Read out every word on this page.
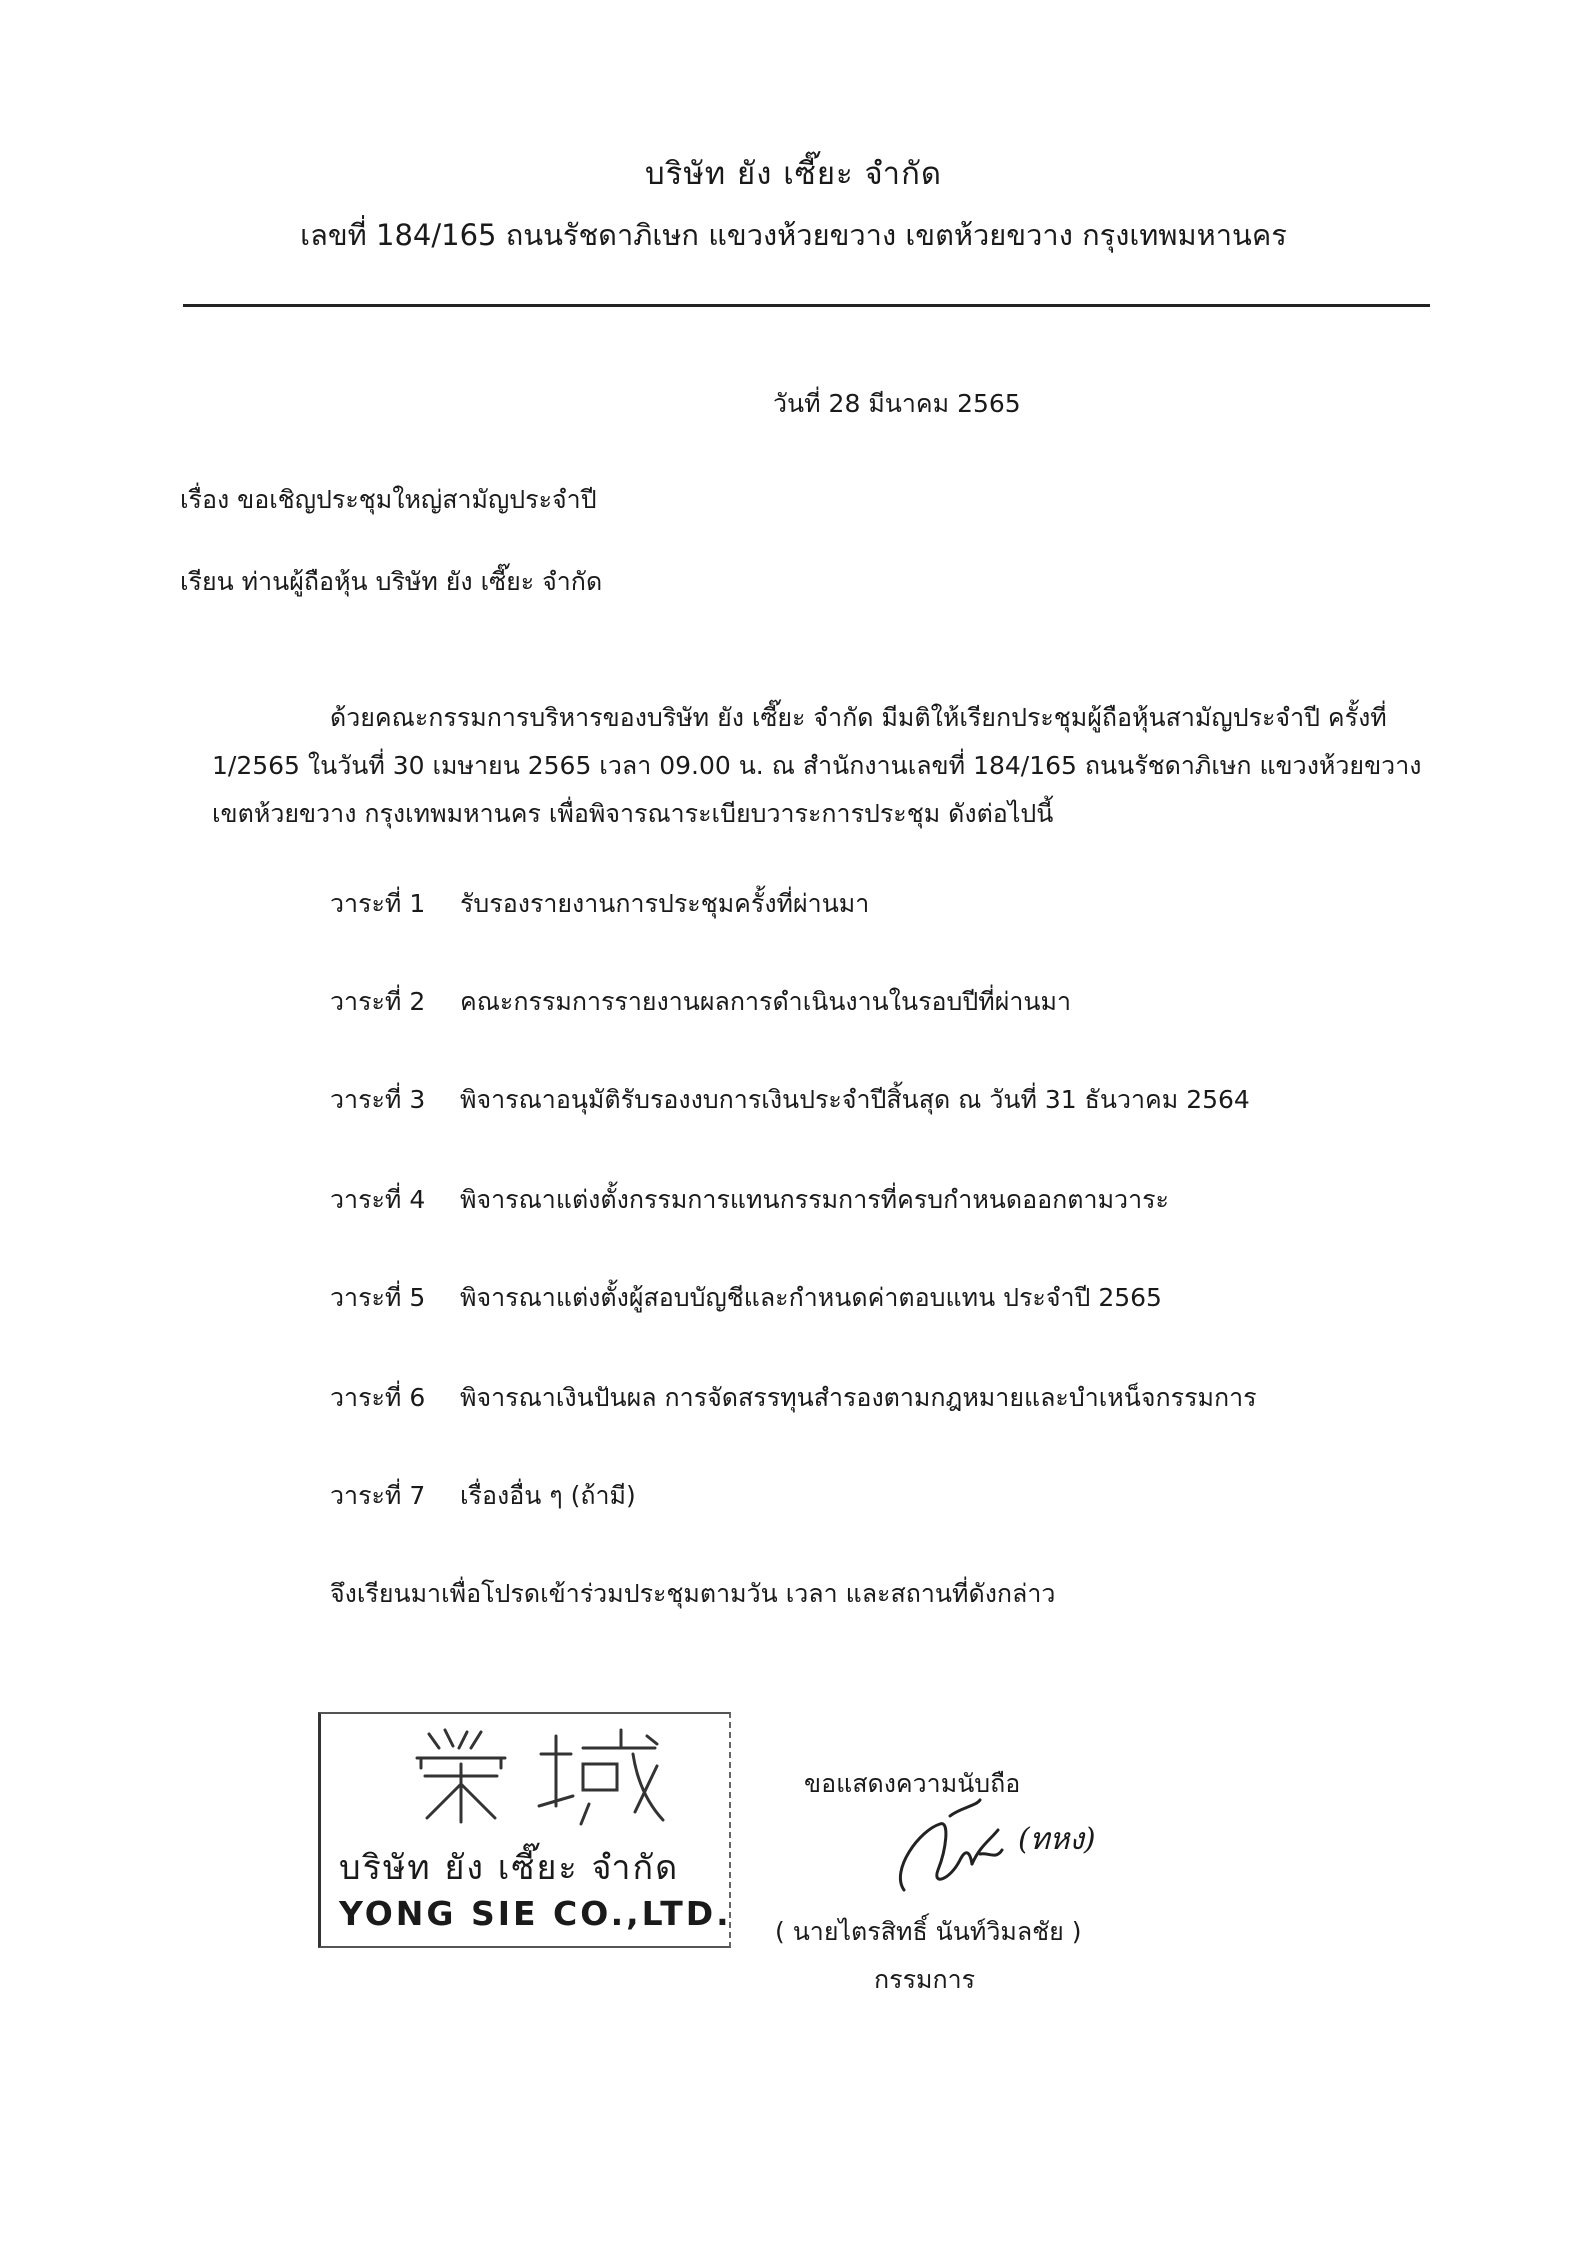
บริษัท ยัง เซี๊ยะ จำกัด
เลขที่ 184/165 ถนนรัชดาภิเษก แขวงห้วยขวาง เขตห้วยขวาง กรุงเทพมหานคร
วันที่ 28 มีนาคม 2565
เรื่อง ขอเชิญประชุมใหญ่สามัญประจำปี
เรียน ท่านผู้ถือหุ้น บริษัท ยัง เซี๊ยะ จำกัด
ด้วยคณะกรรมการบริหารของบริษัท ยัง เซี๊ยะ จำกัด มีมติให้เรียกประชุมผู้ถือหุ้นสามัญประจำปี ครั้งที่
1/2565 ในวันที่ 30 เมษายน 2565 เวลา 09.00 น. ณ สำนักงานเลขที่ 184/165 ถนนรัชดาภิเษก แขวงห้วยขวาง
เขตห้วยขวาง กรุงเทพมหานคร เพื่อพิจารณาระเบียบวาระการประชุม ดังต่อไปนี้
วาระที่ 1 รับรองรายงานการประชุมครั้งที่ผ่านมา
วาระที่ 2 คณะกรรมการรายงานผลการดำเนินงานในรอบปีที่ผ่านมา
วาระที่ 3 พิจารณาอนุมัติรับรองงบการเงินประจำปีสิ้นสุด ณ วันที่ 31 ธันวาคม 2564
วาระที่ 4 พิจารณาแต่งตั้งกรรมการแทนกรรมการที่ครบกำหนดออกตามวาระ
วาระที่ 5 พิจารณาแต่งตั้งผู้สอบบัญชีและกำหนดค่าตอบแทน ประจำปี 2565
วาระที่ 6 พิจารณาเงินปันผล การจัดสรรทุนสำรองตามกฎหมายและบำเหน็จกรรมการ
วาระที่ 7 เรื่องอื่น ๆ (ถ้ามี)
จึงเรียนมาเพื่อโปรดเข้าร่วมประชุมตามวัน เวลา และสถานที่ดังกล่าว
บริษัท ยัง เซี๊ยะ จำกัด
YONG SIE CO.,LTD.
ขอแสดงความนับถือ
(ทหง)
( นายไตรสิทธิ์ นันท์วิมลชัย )
กรรมการ
